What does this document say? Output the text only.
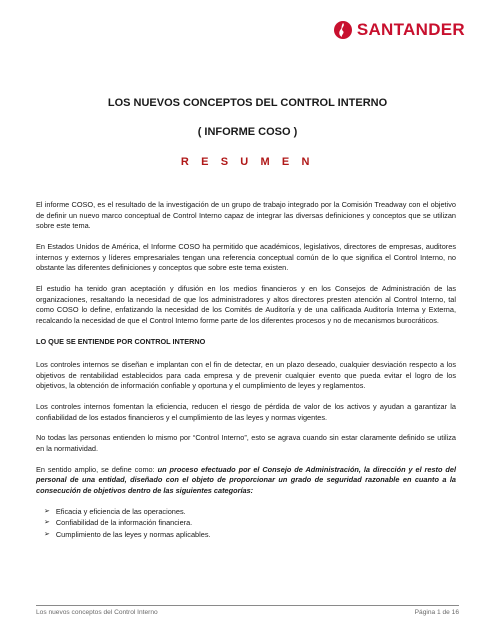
SANTANDER
LOS NUEVOS CONCEPTOS DEL CONTROL INTERNO
( INFORME COSO )
R E S U M E N

El informe COSO, es el resultado de la investigación de un grupo de trabajo integrado por la Comisión Treadway con el objetivo de definir un nuevo marco conceptual de Control Interno capaz de integrar las diversas definiciones y conceptos que se utilizan sobre este tema.

En Estados Unidos de América, el Informe COSO ha permitido que académicos, legislativos, directores de empresas, auditores internos y externos y líderes empresariales tengan una referencia conceptual común de lo que significa el Control Interno, no obstante las diferentes definiciones y conceptos que sobre este tema existen.

El estudio ha tenido gran aceptación y difusión en los medios financieros y en los Consejos de Administración de las organizaciones, resaltando la necesidad de que los administradores y altos directores presten atención al Control Interno, tal como COSO lo define, enfatizando la necesidad de los Comités de Auditoría y de una calificada Auditoría Interna y Externa, recalcando la necesidad de que el Control Interno forme parte de los diferentes procesos y no de mecanismos burocráticos.

LO QUE SE ENTIENDE POR CONTROL INTERNO

Los controles internos se diseñan e implantan con el fin de detectar, en un plazo deseado, cualquier desviación respecto a los objetivos de rentabilidad establecidos para cada empresa y de prevenir cualquier evento que pueda evitar el logro de los objetivos, la obtención de información confiable y oportuna y el cumplimiento de leyes y reglamentos.

Los controles internos fomentan la eficiencia, reducen el riesgo de pérdida de valor de los activos y ayudan a garantizar la confiabilidad de los estados financieros y el cumplimiento de las leyes y normas vigentes.

No todas las personas entienden lo mismo por “Control Interno”, esto se agrava cuando sin estar claramente definido se utiliza en la normatividad.

En sentido amplio, se define como: un proceso efectuado por el Consejo de Administración, la dirección y el resto del personal de una entidad, diseñado con el objeto de proporcionar un grado de seguridad razonable en cuanto a la consecución de objetivos dentro de las siguientes categorías:

➢ Eficacia y eficiencia de las operaciones.
➢ Confiabilidad de la información financiera.
➢ Cumplimiento de las leyes y normas aplicables.
Los nuevos conceptos del Control Interno	Página 1 de 16
